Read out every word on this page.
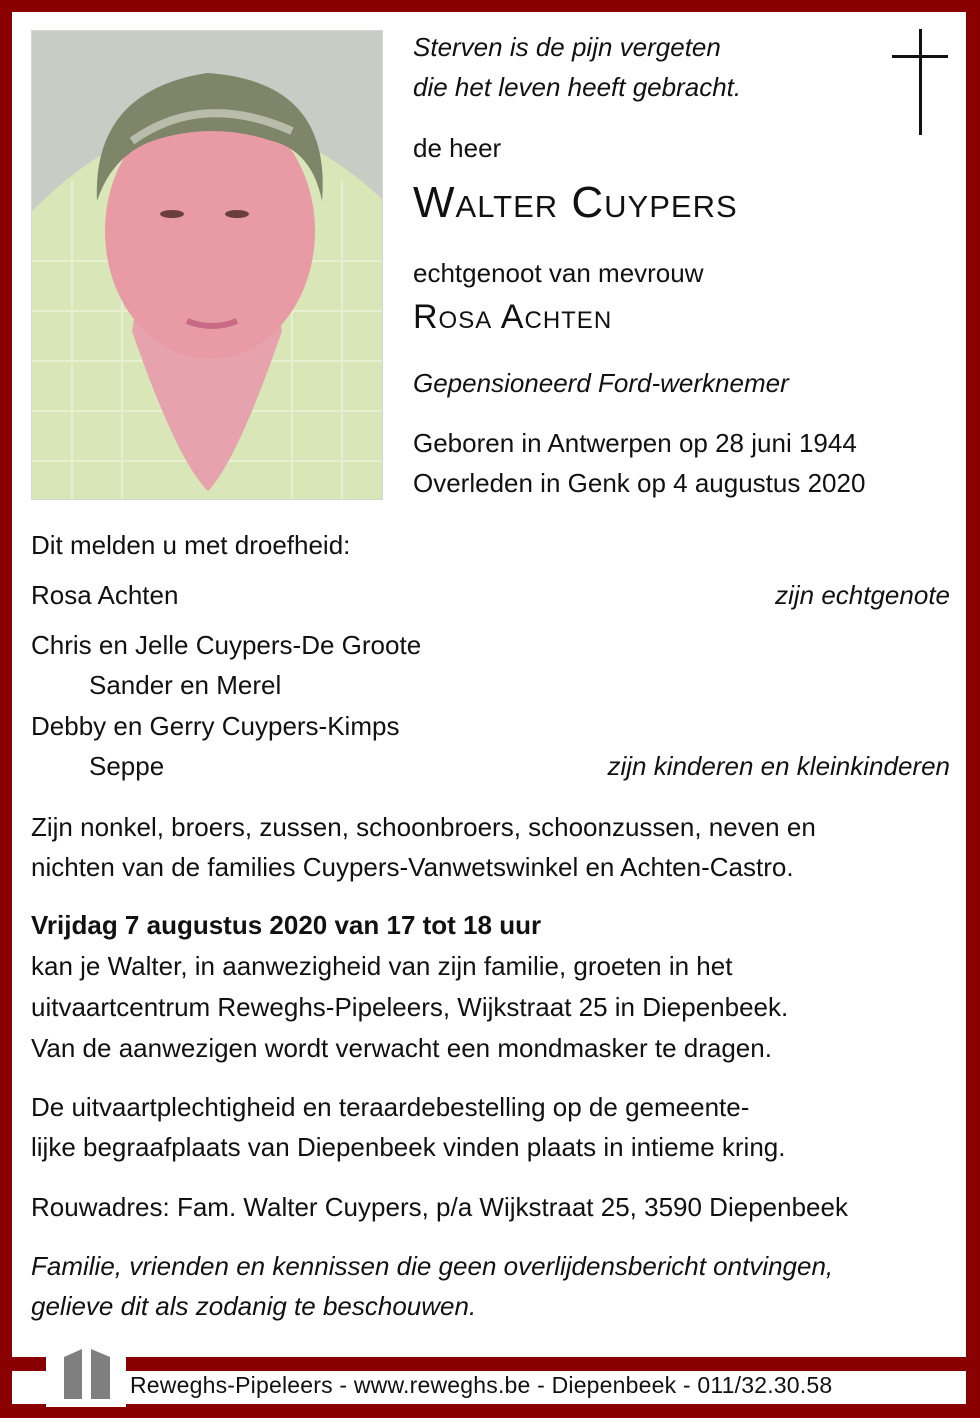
Sterven is de pijn vergeten
die het leven heeft gebracht.
de heer
Walter Cuypers
echtgenoot van mevrouw
Rosa Achten
Gepensioneerd Ford-werknemer
Geboren in Antwerpen op 28 juni 1944
Overleden in Genk op 4 augustus 2020
Dit melden u met droefheid:
Rosa Achten	zijn echtgenote
Chris en Jelle Cuypers-De Groote
Sander en Merel
Debby en Gerry Cuypers-Kimps
Seppe	zijn kinderen en kleinkinderen
Zijn nonkel, broers, zussen, schoonbroers, schoonzussen, neven en
nichten van de families Cuypers-Vanwetswinkel en Achten-Castro.
Vrijdag 7 augustus 2020 van 17 tot 18 uur
kan je Walter, in aanwezigheid van zijn familie, groeten in het
uitvaartcentrum Reweghs-Pipeleers, Wijkstraat 25 in Diepenbeek.
Van de aanwezigen wordt verwacht een mondmasker te dragen.
De uitvaartplechtigheid en teraardebestelling op de gemeente-
lijke begraafplaats van Diepenbeek vinden plaats in intieme kring.
Rouwadres: Fam. Walter Cuypers, p/a Wijkstraat 25, 3590 Diepenbeek
Familie, vrienden en kennissen die geen overlijdensbericht ontvingen,
gelieve dit als zodanig te beschouwen.
Reweghs-Pipeleers - www.reweghs.be - Diepenbeek - 011/32.30.58
